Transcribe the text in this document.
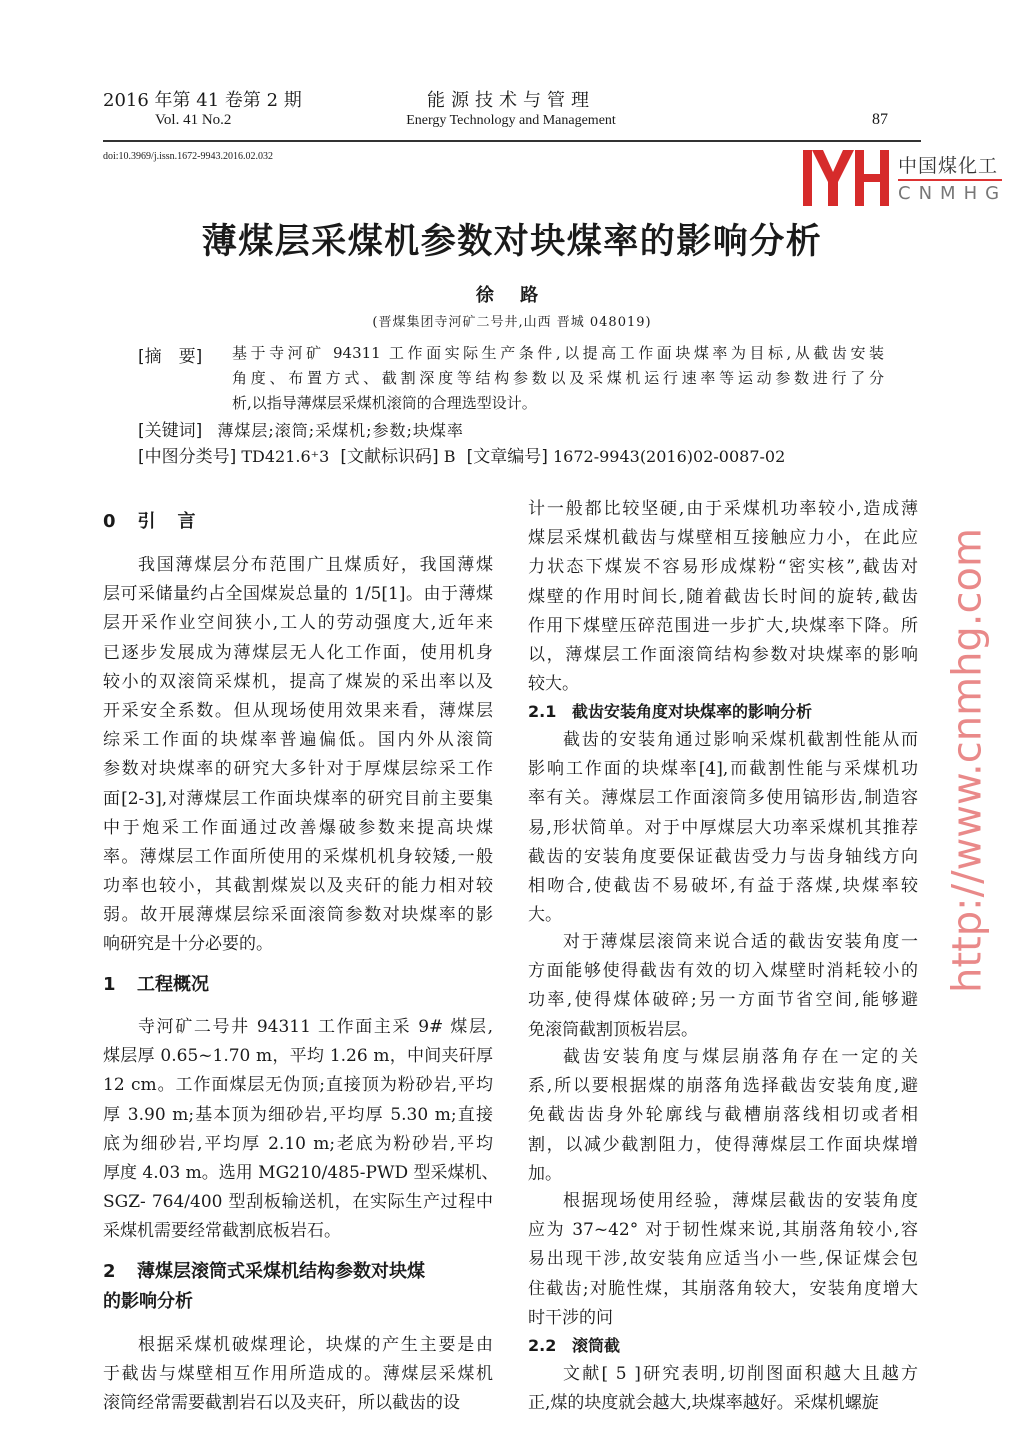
2016 年第 41 卷第 2 期
Vol. 41 No.2
能源技术与管理
Energy Technology and Management	87
doi:10.3969/j.issn.1672-9943.2016.02.032
薄煤层采煤机参数对块煤率的影响分析
徐 路
(晋煤集团寺河矿二号井,山西 晋城 048019)
[摘　要] 基于寺河矿 94311 工作面实际生产条件,以提高工作面块煤率为目标,从截齿安装
角度、布置方式、截割深度等结构参数以及采煤机运行速率等运动参数进行了分
析,以指导薄煤层采煤机滚筒的合理选型设计。
[关键词] 薄煤层;滚筒;采煤机;参数;块煤率
[中图分类号] TD421.6⁺3 [文献标识码] B [文章编号] 1672-9943(2016)02-0087-02
0 引 言
我国薄煤层分布范围广且煤质好，我国薄煤
层可采储量约占全国煤炭总量的 1/5[1]。由于薄煤
层开采作业空间狭小,工人的劳动强度大,近年来
已逐步发展成为薄煤层无人化工作面，使用机身
较小的双滚筒采煤机，提高了煤炭的采出率以及
开采安全系数。但从现场使用效果来看，薄煤层
综采工作面的块煤率普遍偏低。国内外从滚筒
参数对块煤率的研究大多针对于厚煤层综采工作
面[2-3],对薄煤层工作面块煤率的研究目前主要集
中于炮采工作面通过改善爆破参数来提高块煤
率。薄煤层工作面所使用的采煤机机身较矮,一般
功率也较小，其截割煤炭以及夹矸的能力相对较
弱。故开展薄煤层综采面滚筒参数对块煤率的影
响研究是十分必要的。
1 工程概况
寺河矿二号井 94311 工作面主采 9# 煤层,
煤层厚 0.65~1.70 m，平均 1.26 m，中间夹矸厚
12 cm。工作面煤层无伪顶;直接顶为粉砂岩,平均
厚 3.90 m;基本顶为细砂岩,平均厚 5.30 m;直接
底为细砂岩,平均厚 2.10 m;老底为粉砂岩,平均
厚度 4.03 m。选用 MG210/485-PWD 型采煤机、
SGZ- 764/400 型刮板输送机，在实际生产过程中
采煤机需要经常截割底板岩石。
2 薄煤层滚筒式采煤机结构参数对块煤
的影响分析
根据采煤机破煤理论，块煤的产生主要是由
于截齿与煤壁相互作用所造成的。薄煤层采煤机
滚筒经常需要截割岩石以及夹矸，所以截齿的设
计一般都比较坚硬,由于采煤机功率较小,造成薄
煤层采煤机截齿与煤壁相互接触应力小，在此应
力状态下煤炭不容易形成煤粉“密实核”,截齿对
煤壁的作用时间长,随着截齿长时间的旋转,截齿
作用下煤壁压碎范围进一步扩大,块煤率下降。所
以，薄煤层工作面滚筒结构参数对块煤率的影响
较大。
2.1 截齿安装角度对块煤率的影响分析
截齿的安装角通过影响采煤机截割性能从而
影响工作面的块煤率[4],而截割性能与采煤机功
率有关。薄煤层工作面滚筒多使用镐形齿,制造容
易,形状简单。对于中厚煤层大功率采煤机其推荐
截齿的安装角度要保证截齿受力与齿身轴线方向
相吻合,使截齿不易破坏,有益于落煤,块煤率较
大。
对于薄煤层滚筒来说合适的截齿安装角度一
方面能够使得截齿有效的切入煤壁时消耗较小的
功率,使得煤体破碎;另一方面节省空间,能够避
免滚筒截割顶板岩层。
截齿安装角度与煤层崩落角存在一定的关
系,所以要根据煤的崩落角选择截齿安装角度,避
免截齿齿身外轮廓线与截槽崩落线相切或者相
割，以减少截割阻力，使得薄煤层工作面块煤增
加。
根据现场使用经验，薄煤层截齿的安装角度
应为 37~42° 对于韧性煤来说,其崩落角较小,容
易出现干涉,故安装角应适当小一些,保证煤会包
住截齿;对脆性煤，其崩落角较大，安装角度增大
时干涉的问
2.2 滚筒截
文献[ 5 ]研究表明,切削图面积越大且越方
正,煤的块度就会越大,块煤率越好。采煤机螺旋
http://www.cnmhg.com
中国煤化工
CNMHG
